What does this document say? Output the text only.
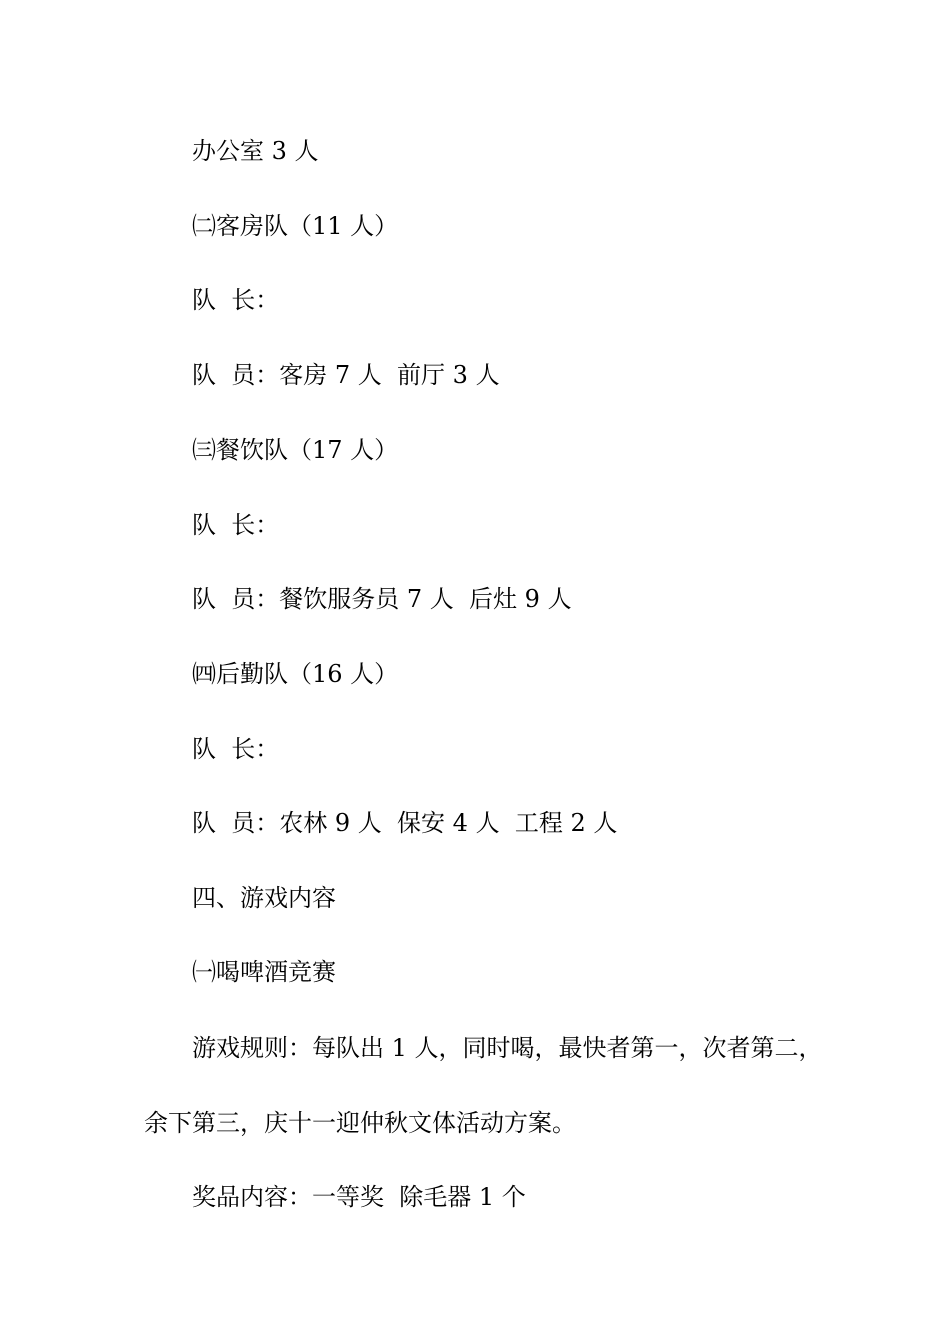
办公室 3 人
㈡客房队（11 人）
队  长：
队  员：客房 7 人  前厅 3 人
㈢餐饮队（17 人）
队  长：
队  员：餐饮服务员 7 人  后灶 9 人
㈣后勤队（16 人）
队  长：
队  员：农林 9 人  保安 4 人  工程 2 人
四、游戏内容
㈠喝啤酒竞赛
游戏规则：每队出 1 人，同时喝，最快者第一，次者第二，
余下第三，庆十一迎仲秋文体活动方案。
奖品内容：一等奖  除毛器 1 个
